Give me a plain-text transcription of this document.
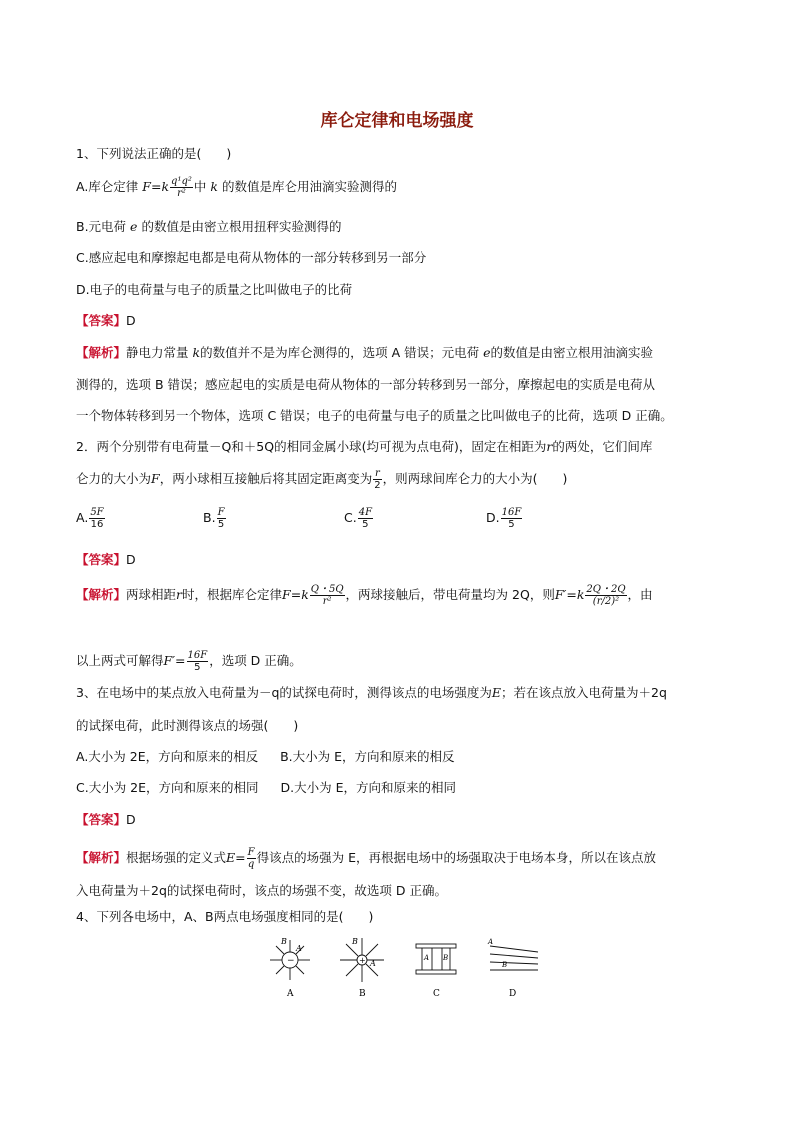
库仑定律和电场强度
1、下列说法正确的是(　　)
A.库仑定律 $F=k \frac{\text{q¹q²}}{\text{r²}}$ 中 k 的数值是库仑用油滴实验测得的
B.元电荷 e 的数值是由密立根用扭秤实验测得的
C.感应起电和摩擦起电都是电荷从物体的一部分转移到另一部分
D.电子的电荷量与电子的质量之比叫做电子的比荷
【答案】D
【解析】静电力常量 k的数值并不是为库仑测得的，选项 A 错误；元电荷 e的数值是由密立根用油滴实验
测得的，选项 B 错误；感应起电的实质是电荷从物体的一部分转移到另一部分，摩擦起电的实质是电荷从
一个物体转移到另一个物体，选项 C 错误；电子的电荷量与电子的质量之比叫做电子的比荷，选项 D 正确。
2．两个分别带有电荷量－Q和＋5Q的相同金属小球(均可视为点电荷)，固定在相距为r的两处，它们间库
仑力的大小为F，两小球相互接触后将其固定距离变为 $\frac{r}{2}$ ，则两球间库仑力的大小为(　　)
A. $\frac{5F}{16}$	B. $\frac{F}{5}$	C. $\frac{4F}{5}$	D. $\frac{16F}{5}$
【答案】D
【解析】两球相距r时，根据库仑定律$F=k \frac{Q・5Q}{\text{r²}}$ ，两球接触后，带电荷量均为 2Q，则$F'=k \frac{2Q・2Q}{\text{(r/2)²}}$ ，由
以上两式可解得$F'= \frac{16F}{5}$ ，选项 D 正确。
3、在电场中的某点放入电荷量为－q的试探电荷时，测得该点的电场强度为E；若在该点放入电荷量为＋2q
的试探电荷，此时测得该点的场强(　　)
A.大小为 2E，方向和原来的相反 B.大小为 E，方向和原来的相反
C.大小为 2E，方向和原来的相同 D.大小为 E，方向和原来的相同
【答案】D
【解析】根据场强的定义式$E= \frac{F}{q}$ 得该点的场强为 E，再根据电场中的场强取决于电场本身，所以在该点放
入电荷量为＋2q的试探电荷时，该点的场强不变，故选项 D 正确。
4、下列各电场中，A、B两点电场强度相同的是(　　)
−
B
A
A
+
B
A
B
A B
C
A
B
D
